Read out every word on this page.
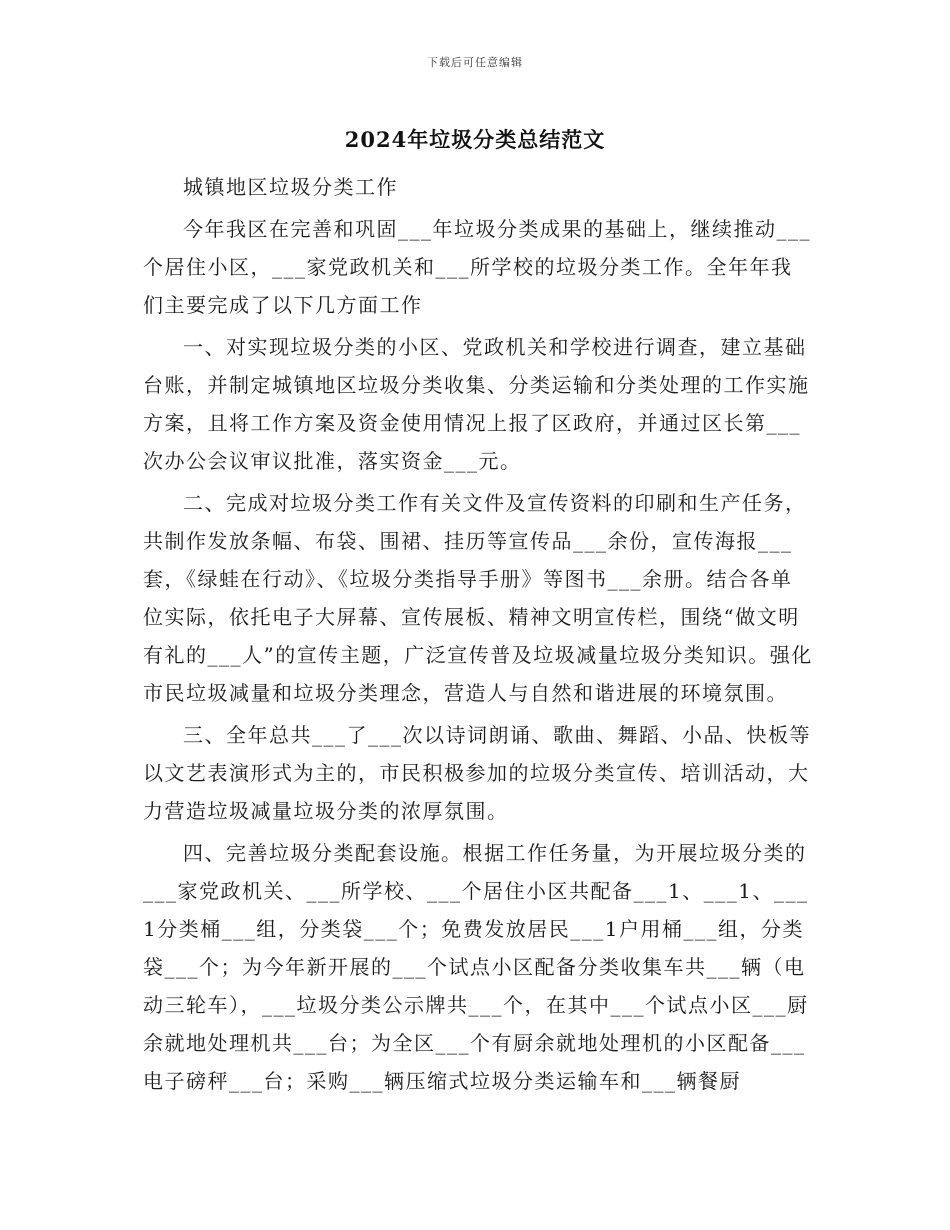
下载后可任意编辑
2024年垃圾分类总结范文

城镇地区垃圾分类工作

今年我区在完善和巩固___年垃圾分类成果的基础上，继续推动___个居住小区，___家党政机关和___所学校的垃圾分类工作。全年年我们主要完成了以下几方面工作

一、对实现垃圾分类的小区、党政机关和学校进行调查，建立基础台账，并制定城镇地区垃圾分类收集、分类运输和分类处理的工作实施方案，且将工作方案及资金使用情况上报了区政府，并通过区长第___次办公会议审议批准，落实资金___元。

二、完成对垃圾分类工作有关文件及宣传资料的印刷和生产任务，共制作发放条幅、布袋、围裙、挂历等宣传品___余份，宣传海报___套，《绿蛙在行动》、《垃圾分类指导手册》等图书___余册。结合各单位实际，依托电子大屏幕、宣传展板、精神文明宣传栏，围绕“做文明有礼的___人”的宣传主题，广泛宣传普及垃圾减量垃圾分类知识。强化市民垃圾减量和垃圾分类理念，营造人与自然和谐进展的环境氛围。

三、全年总共___了___次以诗词朗诵、歌曲、舞蹈、小品、快板等以文艺表演形式为主的，市民积极参加的垃圾分类宣传、培训活动，大力营造垃圾减量垃圾分类的浓厚氛围。

四、完善垃圾分类配套设施。根据工作任务量，为开展垃圾分类的___家党政机关、___所学校、___个居住小区共配备___1、___1、___1分类桶___组，分类袋___个；免费发放居民___1户用桶___组，分类袋___个；为今年新开展的___个试点小区配备分类收集车共___辆（电动三轮车），___垃圾分类公示牌共___个，在其中___个试点小区___厨余就地处理机共___台；为全区___个有厨余就地处理机的小区配备___电子磅秤___台；采购___辆压缩式垃圾分类运输车和___辆餐厨
